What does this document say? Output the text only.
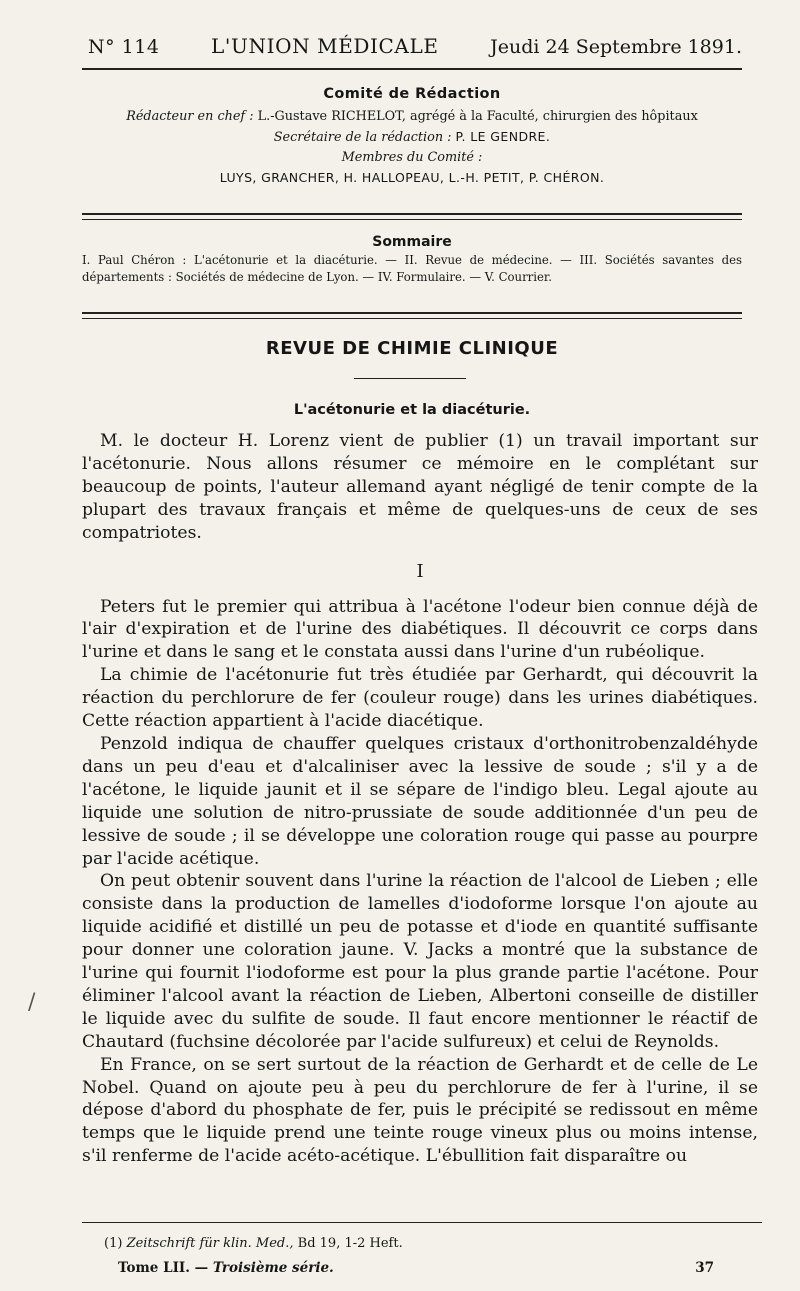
N° 114	L'UNION MÉDICALE	Jeudi 24 Septembre 1891.
Comité de Rédaction
Rédacteur en chef : L.-Gustave RICHELOT, agrégé à la Faculté, chirurgien des hôpitaux
Secrétaire de la rédaction : P. LE GENDRE.
Membres du Comité :
LUYS, GRANCHER, H. HALLOPEAU, L.-H. PETIT, P. CHÉRON.
Sommaire
I. Paul Chéron : L'acétonurie et la diacéturie. — II. Revue de médecine. — III. Sociétés savantes des départements : Sociétés de médecine de Lyon. — IV. Formulaire. — V. Courrier.
REVUE DE CHIMIE CLINIQUE
L'acétonurie et la diacéturie.

M. le docteur H. Lorenz vient de publier (1) un travail important sur l'acétonurie. Nous allons résumer ce mémoire en le complétant sur beaucoup de points, l'auteur allemand ayant négligé de tenir compte de la plupart des travaux français et même de quelques-uns de ceux de ses compatriotes.

I

Peters fut le premier qui attribua à l'acétone l'odeur bien connue déjà de l'air d'expiration et de l'urine des diabétiques. Il découvrit ce corps dans l'urine et dans le sang et le constata aussi dans l'urine d'un rubéolique.

La chimie de l'acétonurie fut très étudiée par Gerhardt, qui découvrit la réaction du perchlorure de fer (couleur rouge) dans les urines diabétiques. Cette réaction appartient à l'acide diacétique.

Penzold indiqua de chauffer quelques cristaux d'orthonitrobenzaldéhyde dans un peu d'eau et d'alcaliniser avec la lessive de soude ; s'il y a de l'acétone, le liquide jaunit et il se sépare de l'indigo bleu. Legal ajoute au liquide une solution de nitro-prussiate de soude additionnée d'un peu de lessive de soude ; il se développe une coloration rouge qui passe au pourpre par l'acide acétique.

On peut obtenir souvent dans l'urine la réaction de l'alcool de Lieben ; elle consiste dans la production de lamelles d'iodoforme lorsque l'on ajoute au liquide acidifié et distillé un peu de potasse et d'iode en quantité suffisante pour donner une coloration jaune. V. Jacks a montré que la substance de l'urine qui fournit l'iodoforme est pour la plus grande partie l'acétone. Pour éliminer l'alcool avant la réaction de Lieben, Albertoni conseille de distiller le liquide avec du sulfite de soude. Il faut encore mentionner le réactif de Chautard (fuchsine décolorée par l'acide sulfureux) et celui de Reynolds.

En France, on se sert surtout de la réaction de Gerhardt et de celle de Le Nobel. Quand on ajoute peu à peu du perchlorure de fer à l'urine, il se dépose d'abord du phosphate de fer, puis le précipité se redissout en même temps que le liquide prend une teinte rouge vineux plus ou moins intense, s'il renferme de l'acide acéto-acétique. L'ébullition fait disparaître ou

/
(1) Zeitschrift für klin. Med., Bd 19, 1-2 Heft.
Tome LII. — Troisième série.	37
